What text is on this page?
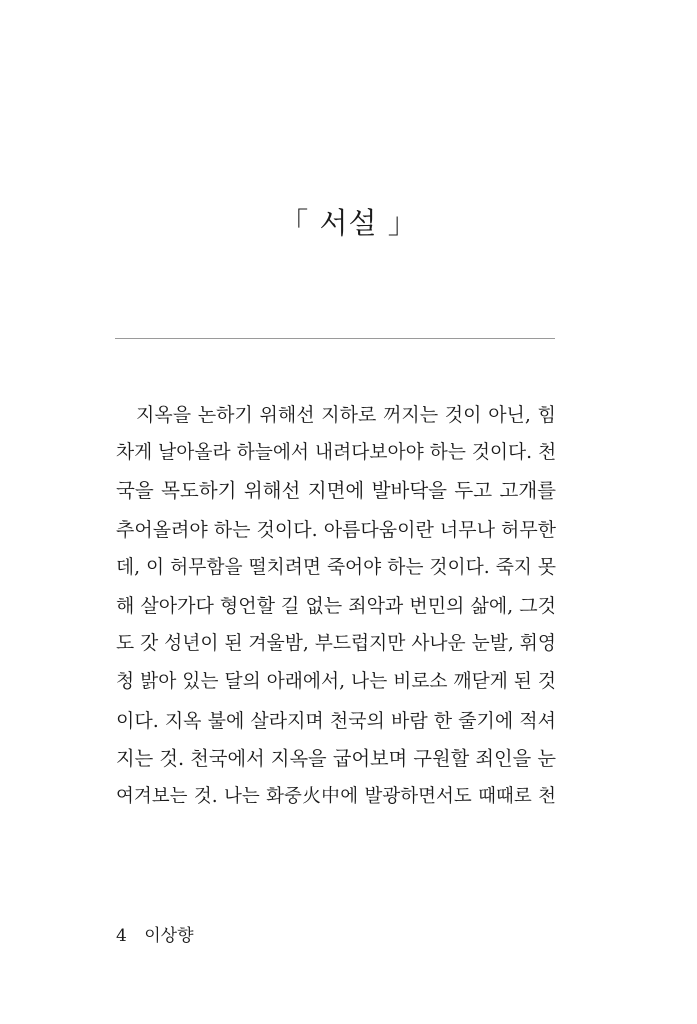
「 서설 」
지옥을 논하기 위해선 지하로 꺼지는 것이 아닌, 힘
차게 날아올라 하늘에서 내려다보아야 하는 것이다. 천
국을 목도하기 위해선 지면에 발바닥을 두고 고개를
추어올려야 하는 것이다. 아름다움이란 너무나 허무한
데, 이 허무함을 떨치려면 죽어야 하는 것이다. 죽지 못
해 살아가다 형언할 길 없는 죄악과 번민의 삶에, 그것
도 갓 성년이 된 겨울밤, 부드럽지만 사나운 눈발, 휘영
청 밝아 있는 달의 아래에서, 나는 비로소 깨닫게 된 것
이다. 지옥 불에 살라지며 천국의 바람 한 줄기에 적셔
지는 것. 천국에서 지옥을 굽어보며 구원할 죄인을 눈
여겨보는 것. 나는 화중火中에 발광하면서도 때때로 천
4 이상향
